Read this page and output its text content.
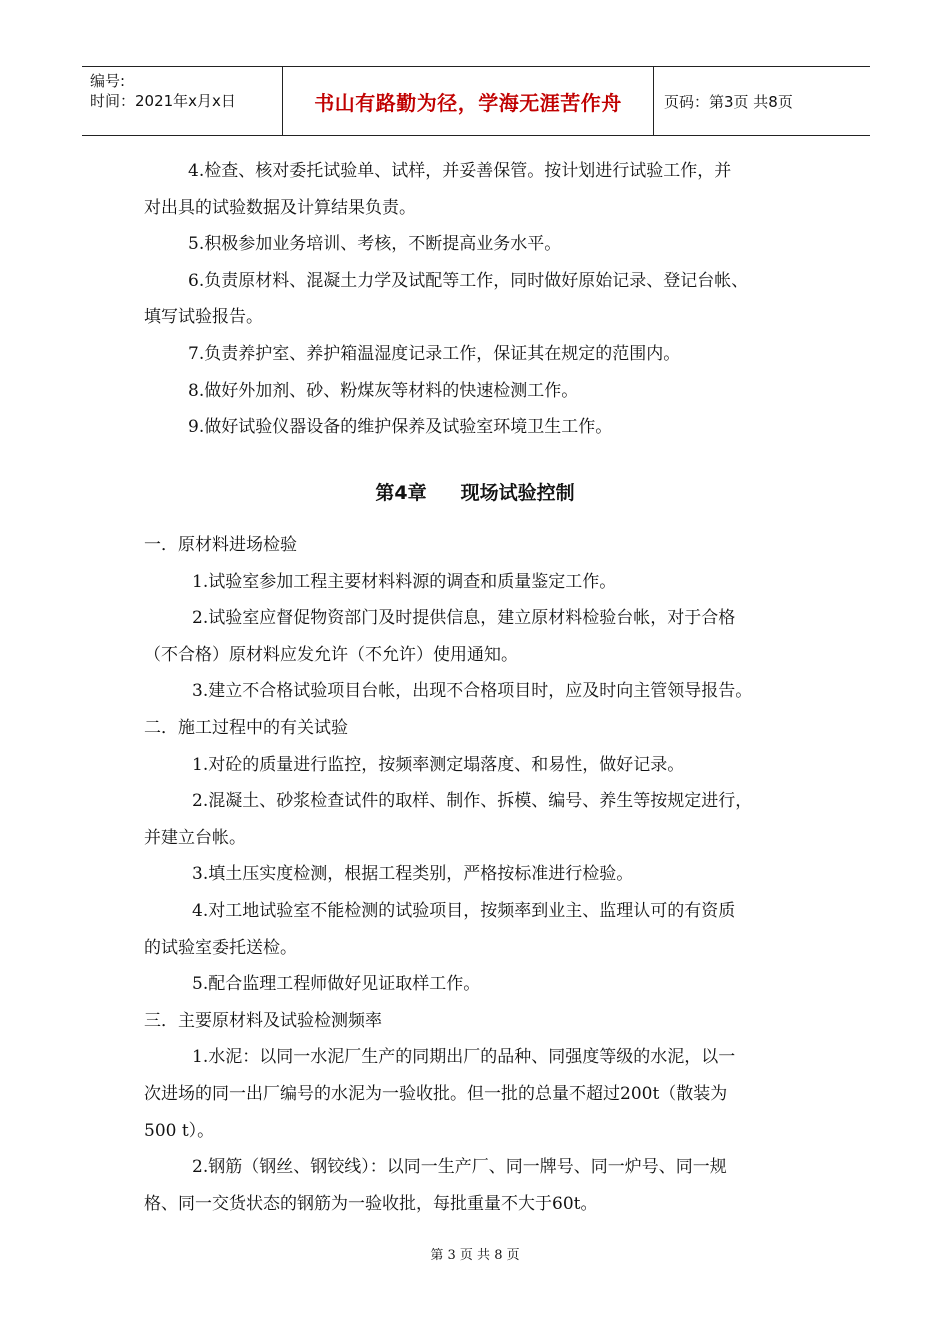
编号:
时间：2021年x月x日	书山有路勤为径，学海无涯苦作舟	页码：第3页 共8页

4.检查、核对委托试验单、试样，并妥善保管。按计划进行试验工作，并

对出具的试验数据及计算结果负责。

5.积极参加业务培训、考核，不断提高业务水平。

6.负责原材料、混凝土力学及试配等工作，同时做好原始记录、登记台帐、

填写试验报告。

7.负责养护室、养护箱温湿度记录工作，保证其在规定的范围内。

8.做好外加剂、砂、粉煤灰等材料的快速检测工作。

9.做好试验仪器设备的维护保养及试验室环境卫生工作。

第4章 现场试验控制

一．原材料进场检验

1.试验室参加工程主要材料料源的调查和质量鉴定工作。

2.试验室应督促物资部门及时提供信息，建立原材料检验台帐，对于合格

（不合格）原材料应发允许（不允许）使用通知。

3.建立不合格试验项目台帐，出现不合格项目时，应及时向主管领导报告。

二．施工过程中的有关试验

1.对砼的质量进行监控，按频率测定塌落度、和易性，做好记录。

2.混凝土、砂浆检查试件的取样、制作、拆模、编号、养生等按规定进行，

并建立台帐。

3.填土压实度检测，根据工程类别，严格按标准进行检验。

4.对工地试验室不能检测的试验项目，按频率到业主、监理认可的有资质

的试验室委托送检。

5.配合监理工程师做好见证取样工作。

三．主要原材料及试验检测频率

1.水泥：以同一水泥厂生产的同期出厂的品种、同强度等级的水泥，以一

次进场的同一出厂编号的水泥为一验收批。但一批的总量不超过200t（散装为

500 t）。

2.钢筋（钢丝、钢铰线）：以同一生产厂、同一牌号、同一炉号、同一规

格、同一交货状态的钢筋为一验收批，每批重量不大于60t。

第 3 页 共 8 页
